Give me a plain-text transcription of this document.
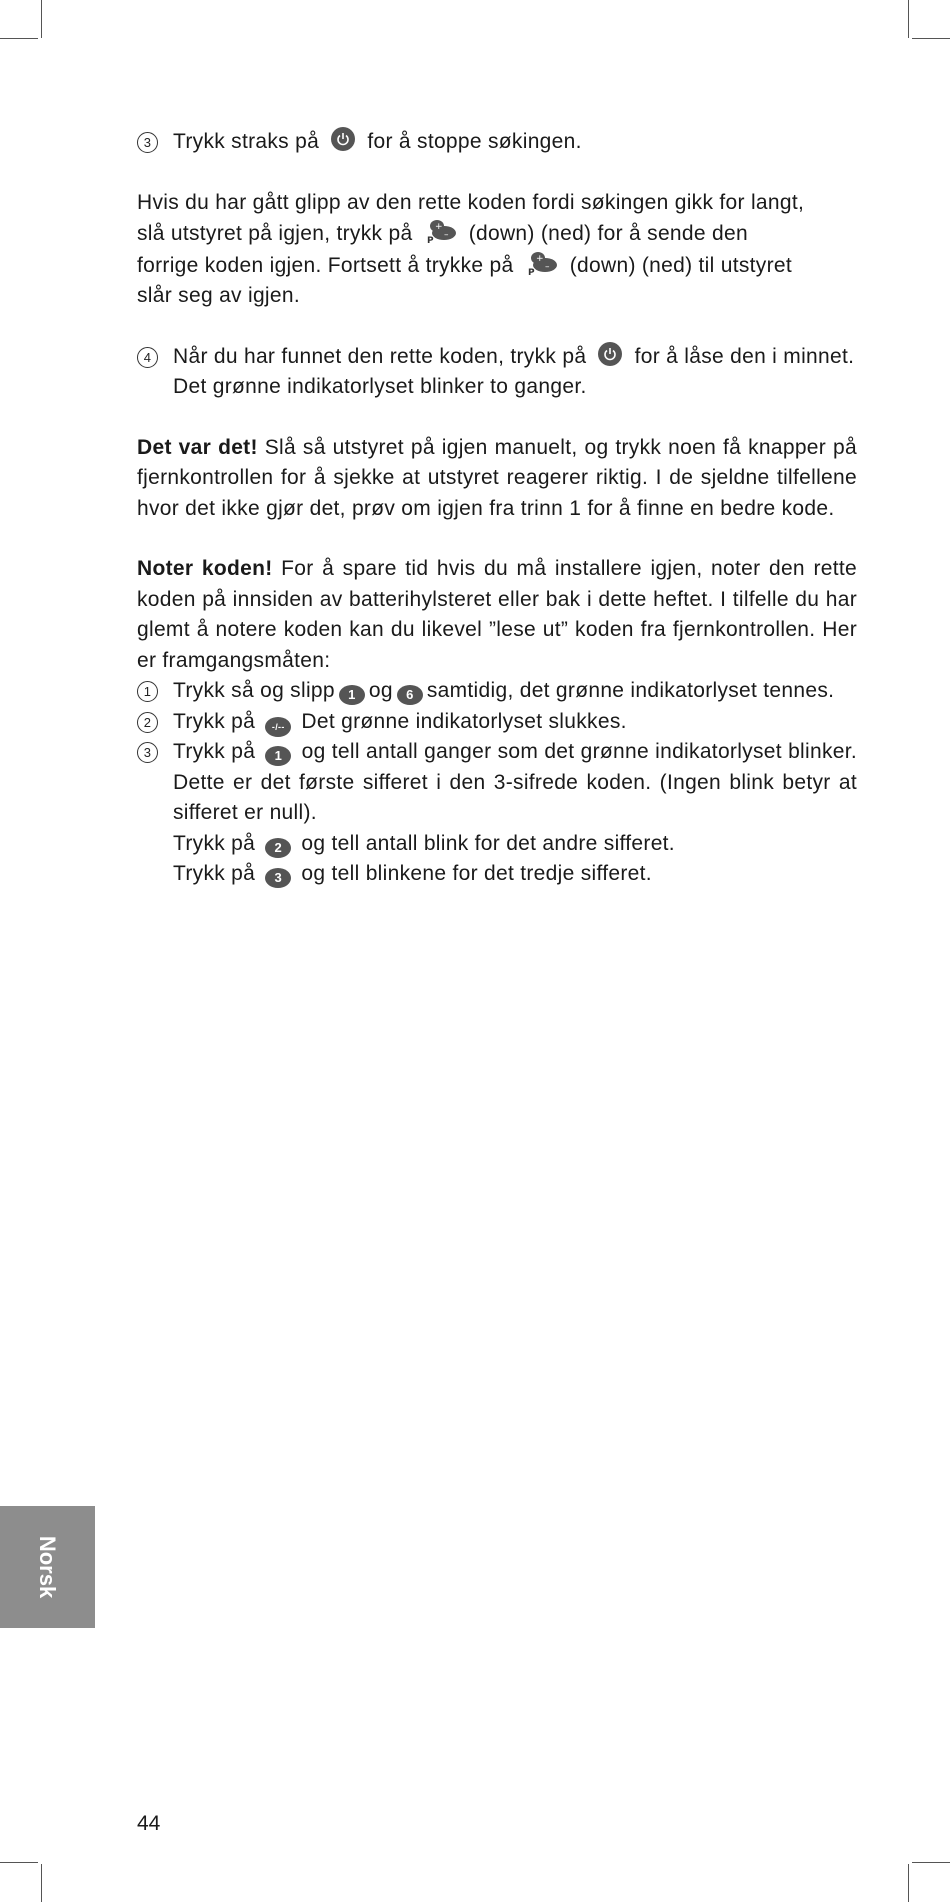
3	Trykk straks på for å stoppe søkingen.
Hvis du har gått glipp av den rette koden fordi søkingen gikk for langt,
slå utstyret på igjen, trykk på +
–
P (down) (ned) for å sende den
forrige koden igjen. Fortsett å trykke på +
–
P (down) (ned) til utstyret
slår seg av igjen.
4	Når du har funnet den rette koden, trykk på for å låse den i minnet.
Det grønne indikatorlyset blinker to ganger.

Det var det! Slå så utstyret på igjen manuelt, og trykk noen få knapper på fjernkontrollen for å sjekke at utstyret reagerer riktig. I de sjeldne tilfellene hvor det ikke gjør det, prøv om igjen fra trinn 1 for å finne en bedre kode.

Noter koden! For å spare tid hvis du må installere igjen, noter den rette koden på innsiden av batterihylsteret eller bak i dette heftet. I tilfelle du har glemt å notere koden kan du likevel ”lese ut” koden fra fjernkontrollen. Her er framgangsmåten:

1	Trykk så og slipp 1 og 6 samtidig, det grønne indikatorlyset tennes.
2	Trykk på -/-- Det grønne indikatorlyset slukkes.
3	Trykk på 1 og tell antall ganger som det grønne indikatorlyset blinker. Dette er det første sifferet i den 3-sifrede koden. (Ingen blink betyr at sifferet er null).
Trykk på 2 og tell antall blink for det andre sifferet.
Trykk på 3 og tell blinkene for det tredje sifferet.
Norsk
44
